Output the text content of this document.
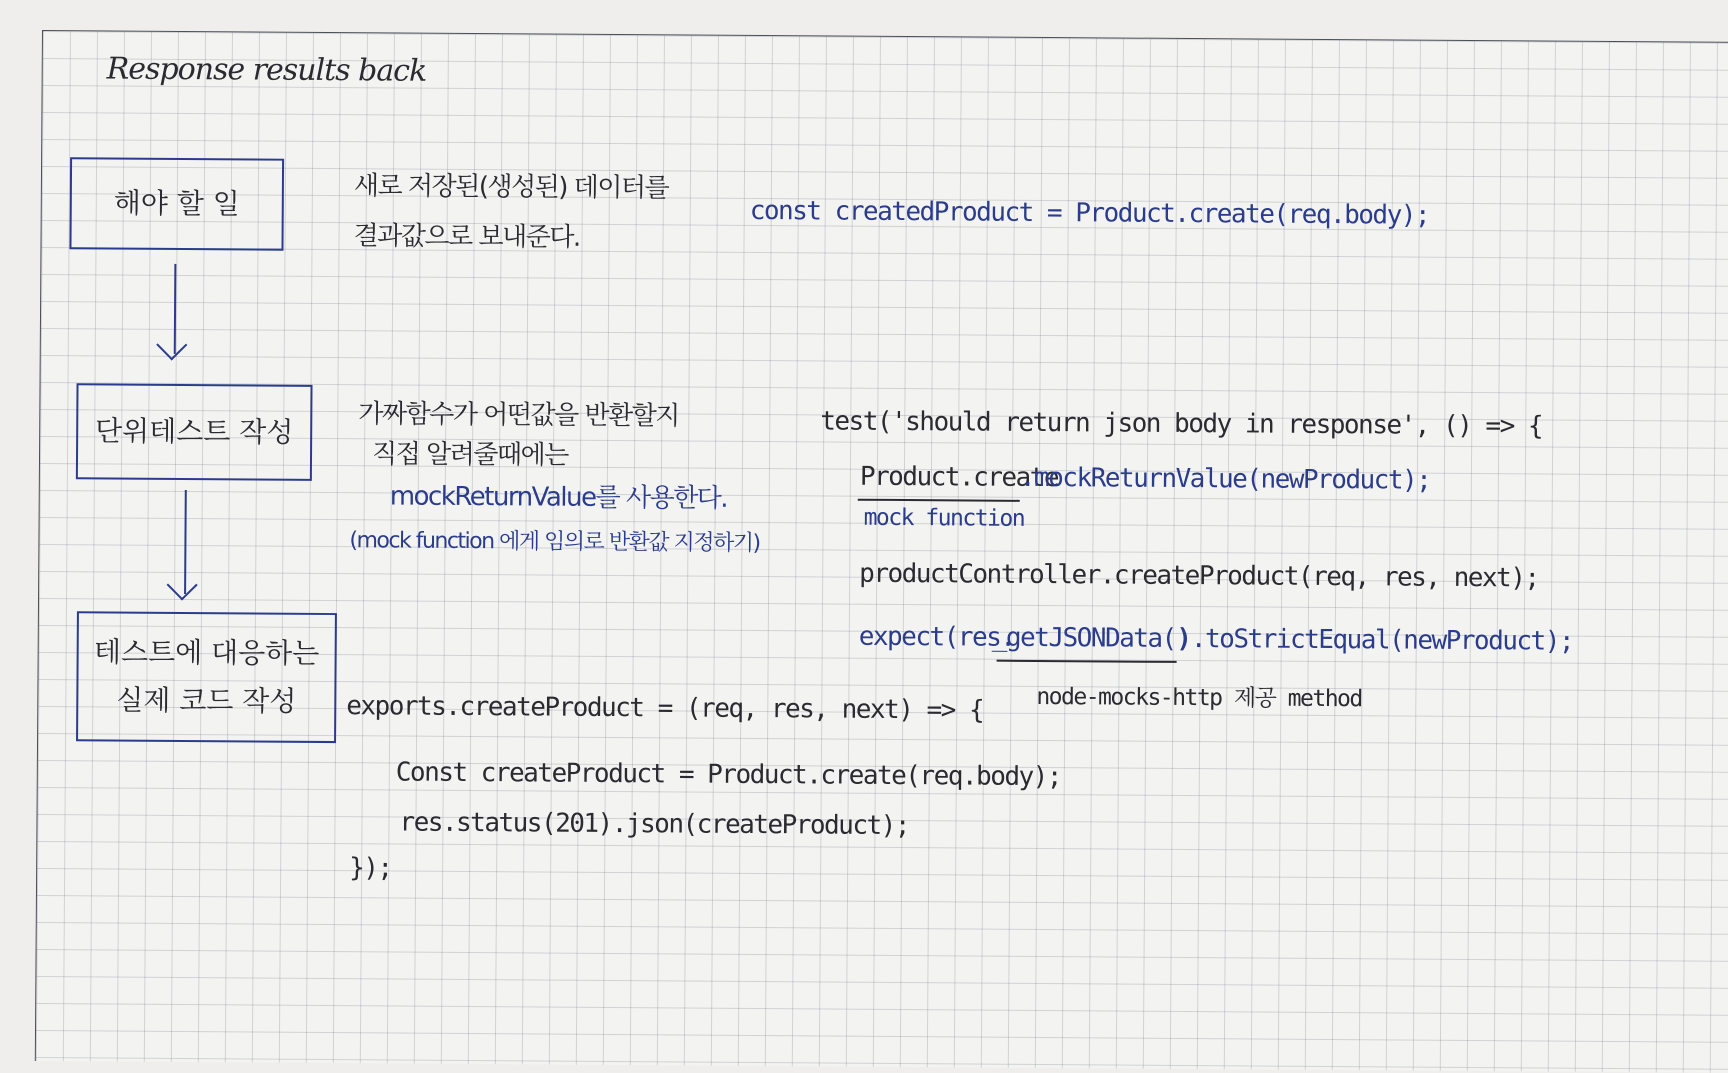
Response results back
해야 할 일
단위테스트 작성
테스트에 대응하는
실제 코드 작성
새로 저장된(생성된) 데이터를
결과값으로 보내준다.
const createdProduct = Product.create(req.body);
가짜함수가 어떤값을 반환할지
직접 알려줄때에는
mockReturnValue를 사용한다.
(mock function 에게 임의로 반환값 지정하기)
test('should return json body in response', () => {
Product.create
.mockReturnValue(newProduct);
mock function
productController.createProduct(req, res, next);
expect(res.
_getJSONData()
).toStrictEqual(newProduct);
node-mocks-http 제공 method
exports.createProduct = (req, res, next) => {
Const createProduct = Product.create(req.body);
res.status(201).json(createProduct);
});
